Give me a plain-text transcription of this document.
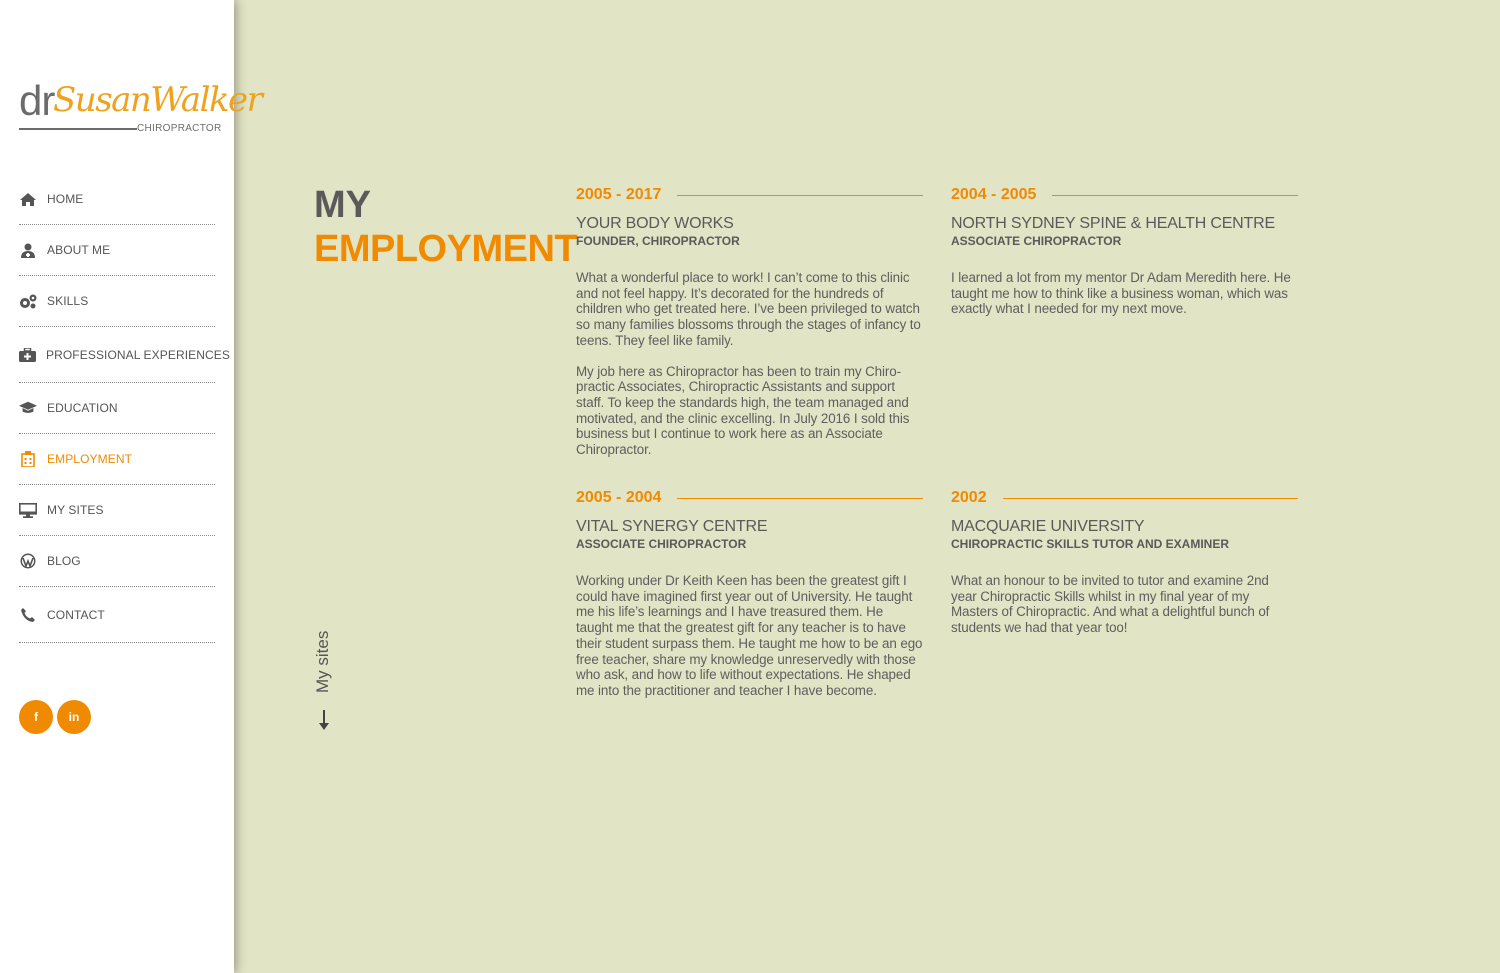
dr
SusanWalker
CHIROPRACTOR
HOME
ABOUT ME
SKILLS
PROFESSIONAL EXPERIENCES
EDUCATION
EMPLOYMENT
MY SITES
BLOG
CONTACT
f	in
MY
EMPLOYMENT
My sites
2005 - 2017
YOUR BODY WORKS
FOUNDER, CHIROPRACTOR
What a wonderful place to work! I can’t come to this clinic and not feel happy. It’s decorated for the hundreds of children who get treated here. I’ve been privileged to watch so many families blossoms through the stages of infancy to teens. They feel like family.
My job here as Chiropractor has been to train my Chiro-practic Associates, Chiropractic Assistants and support staff. To keep the standards high, the team managed and motivated, and the clinic excelling. In July 2016 I sold this business but I continue to work here as an Associate Chiropractor.
2004 - 2005
NORTH SYDNEY SPINE & HEALTH CENTRE
ASSOCIATE CHIROPRACTOR
I learned a lot from my mentor Dr Adam Meredith here. He taught me how to think like a business woman, which was exactly what I needed for my next move.
2005 - 2004
VITAL SYNERGY CENTRE
ASSOCIATE CHIROPRACTOR
Working under Dr Keith Keen has been the greatest gift I could have imagined first year out of University. He taught me his life’s learnings and I have treasured them. He taught me that the greatest gift for any teacher is to have their student surpass them. He taught me how to be an ego free teacher, share my knowledge unreservedly with those who ask, and how to life without expectations. He shaped me into the practitioner and teacher I have become.
2002
MACQUARIE UNIVERSITY
CHIROPRACTIC SKILLS TUTOR AND EXAMINER
What an honour to be invited to tutor and examine 2nd year Chiropractic Skills whilst in my final year of my Masters of Chiropractic. And what a delightful bunch of students we had that year too!
